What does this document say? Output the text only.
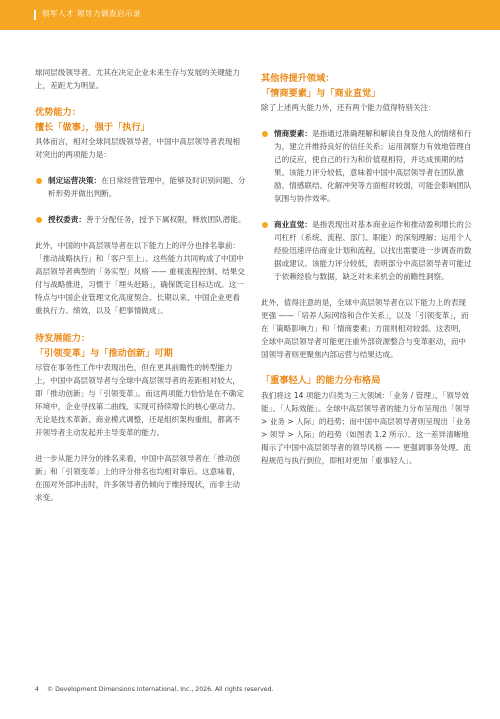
领军人才 领导力调查启示录

球同层级领导者。尤其在决定企业未来生存与发展的关键能力上，差距尤为明显。

优势能力：

擅长「做事」，强于「执行」

具体而言，相对全球同层级领导者，中国中高层领导者表现相对突出的两项能力是：

制定运营决策：在日常经营管理中，能够及时识别问题、分析形势并做出判断。
授权委责：善于分配任务，授予下属权限，释放团队潜能。

此外，中国的中高层领导者在以下能力上的评分也排名靠前：「推动战略执行」和「客户至上」。这些能力共同构成了中国中高层领导者典型的「务实型」风格 —— 重视流程控制、结果交付与战略推进，习惯于「埋头赶路」，确保既定目标达成。这一特点与中国企业管理文化高度契合。长期以来，中国企业更看重执行力、绩效，以及「把事情做成」。

待发展能力：

「引领变革」与「推动创新」可期

尽管在事务性工作中表现出色，但在更具前瞻性的转型能力上，中国中高层领导者与全球中高层领导者的差距相对较大，即「推动创新」与「引领变革」。而这两项能力恰恰是在不确定环境中，企业寻找第二曲线、实现可持续增长的核心驱动力。无论是技术革新、商业模式调整，还是组织架构重组，都离不开领导者主动发起并主导变革的能力。

进一步从能力评分的排名来看，中国中高层领导者在「推动创新」和「引领变革」上的评分排名也均相对靠后。这意味着，在面对外部冲击时，许多领导者仍倾向于维持现状，而非主动求变。

其他待提升领域：

「情商要素」与「商业直觉」

除了上述两大能力外，还有两个能力值得特别关注：

情商要素：是指通过准确理解和解读自身及他人的情绪和行为，建立并维持良好的信任关系；运用洞察力有效地管理自己的反应，使自己的行为和价值观相符，并达成预期的结果。该能力评分较低，意味着中国中高层领导者在团队激励、情感联结、化解冲突等方面相对较弱，可能会影响团队氛围与协作效率。
商业直觉：是指表现出对基本商业运作和推动盈利增长的公司杠杆（系统、流程、部门、职能）的深刻理解；运用个人经验迅速评估商业计划和流程，以找出需要进一步调查的数据或建议。该能力评分较低，表明部分中高层领导者可能过于依赖经验与数据，缺乏对未来机会的前瞻性洞察。

此外，值得注意的是，全球中高层领导者在以下能力上的表现更强 ——「培养人际网络和合作关系」，以及「引领变革」，而在「策略影响力」和「情商要素」方面则相对较弱。这表明，全球中高层领导者可能更注重外部资源整合与变革驱动，而中国领导者则更聚焦内部运营与结果达成。

「重事轻人」的能力分布格局

我们将这 14 项能力归类为三大领域：「业务 / 管理」、「领导效能」、「人际效能」。全球中高层领导者的能力分布呈现出「领导 > 业务 > 人际」的趋势；而中国中高层领导者则呈现出「业务 > 领导 > 人际」的趋势（如图表 1.2 所示）。这一差异清晰地揭示了中国中高层领导者的领导风格 —— 更强调事务处理、流程规范与执行到位，即相对更加「重事轻人」。

4 © Development Dimensions International, Inc., 2026. All rights reserved.
